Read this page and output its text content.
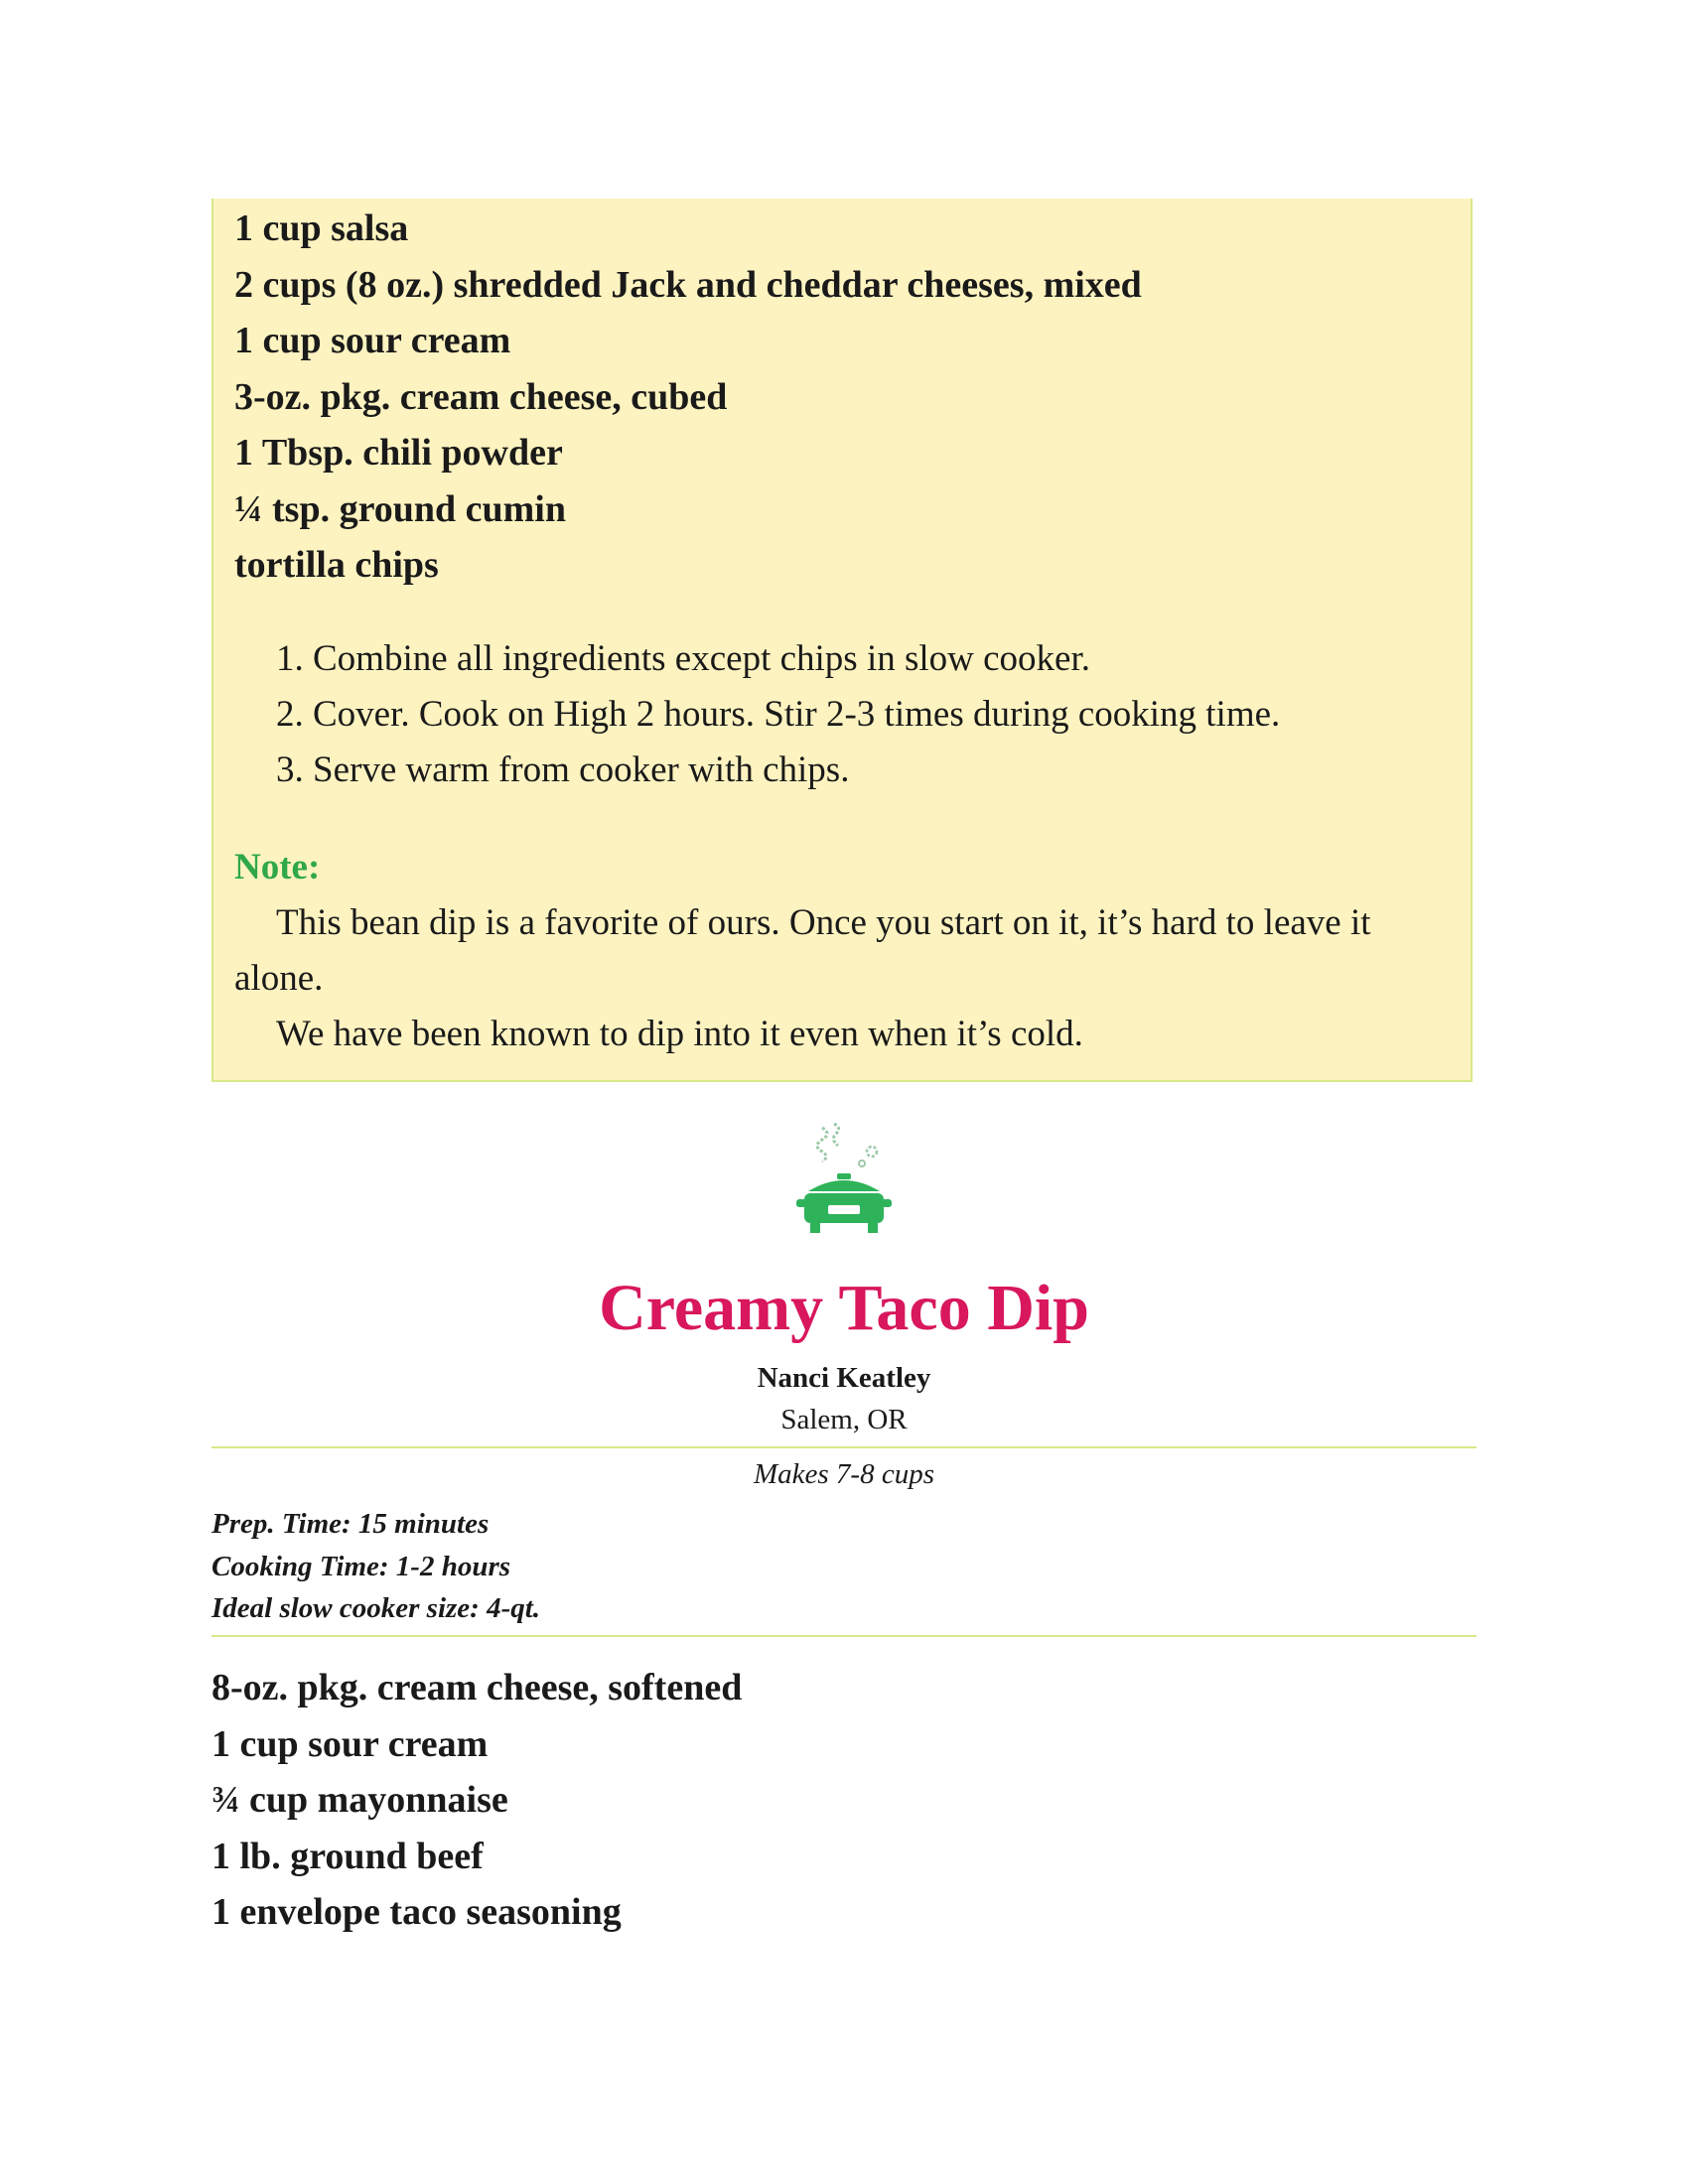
1 cup salsa
2 cups (8 oz.) shredded Jack and cheddar cheeses, mixed
1 cup sour cream
3-oz. pkg. cream cheese, cubed
1 Tbsp. chili powder
¼ tsp. ground cumin
tortilla chips
1. Combine all ingredients except chips in slow cooker.
2. Cover. Cook on High 2 hours. Stir 2-3 times during cooking time.
3. Serve warm from cooker with chips.
Note:

This bean dip is a favorite of ours. Once you start on it, it’s hard to leave it alone.

We have been known to dip into it even when it’s cold.

Creamy Taco Dip
Nanci Keatley
Salem, OR
Makes 7-8 cups
Prep. Time: 15 minutes
Cooking Time: 1-2 hours
Ideal slow cooker size: 4-qt.
8-oz. pkg. cream cheese, softened
1 cup sour cream
¾ cup mayonnaise
1 lb. ground beef
1 envelope taco seasoning
